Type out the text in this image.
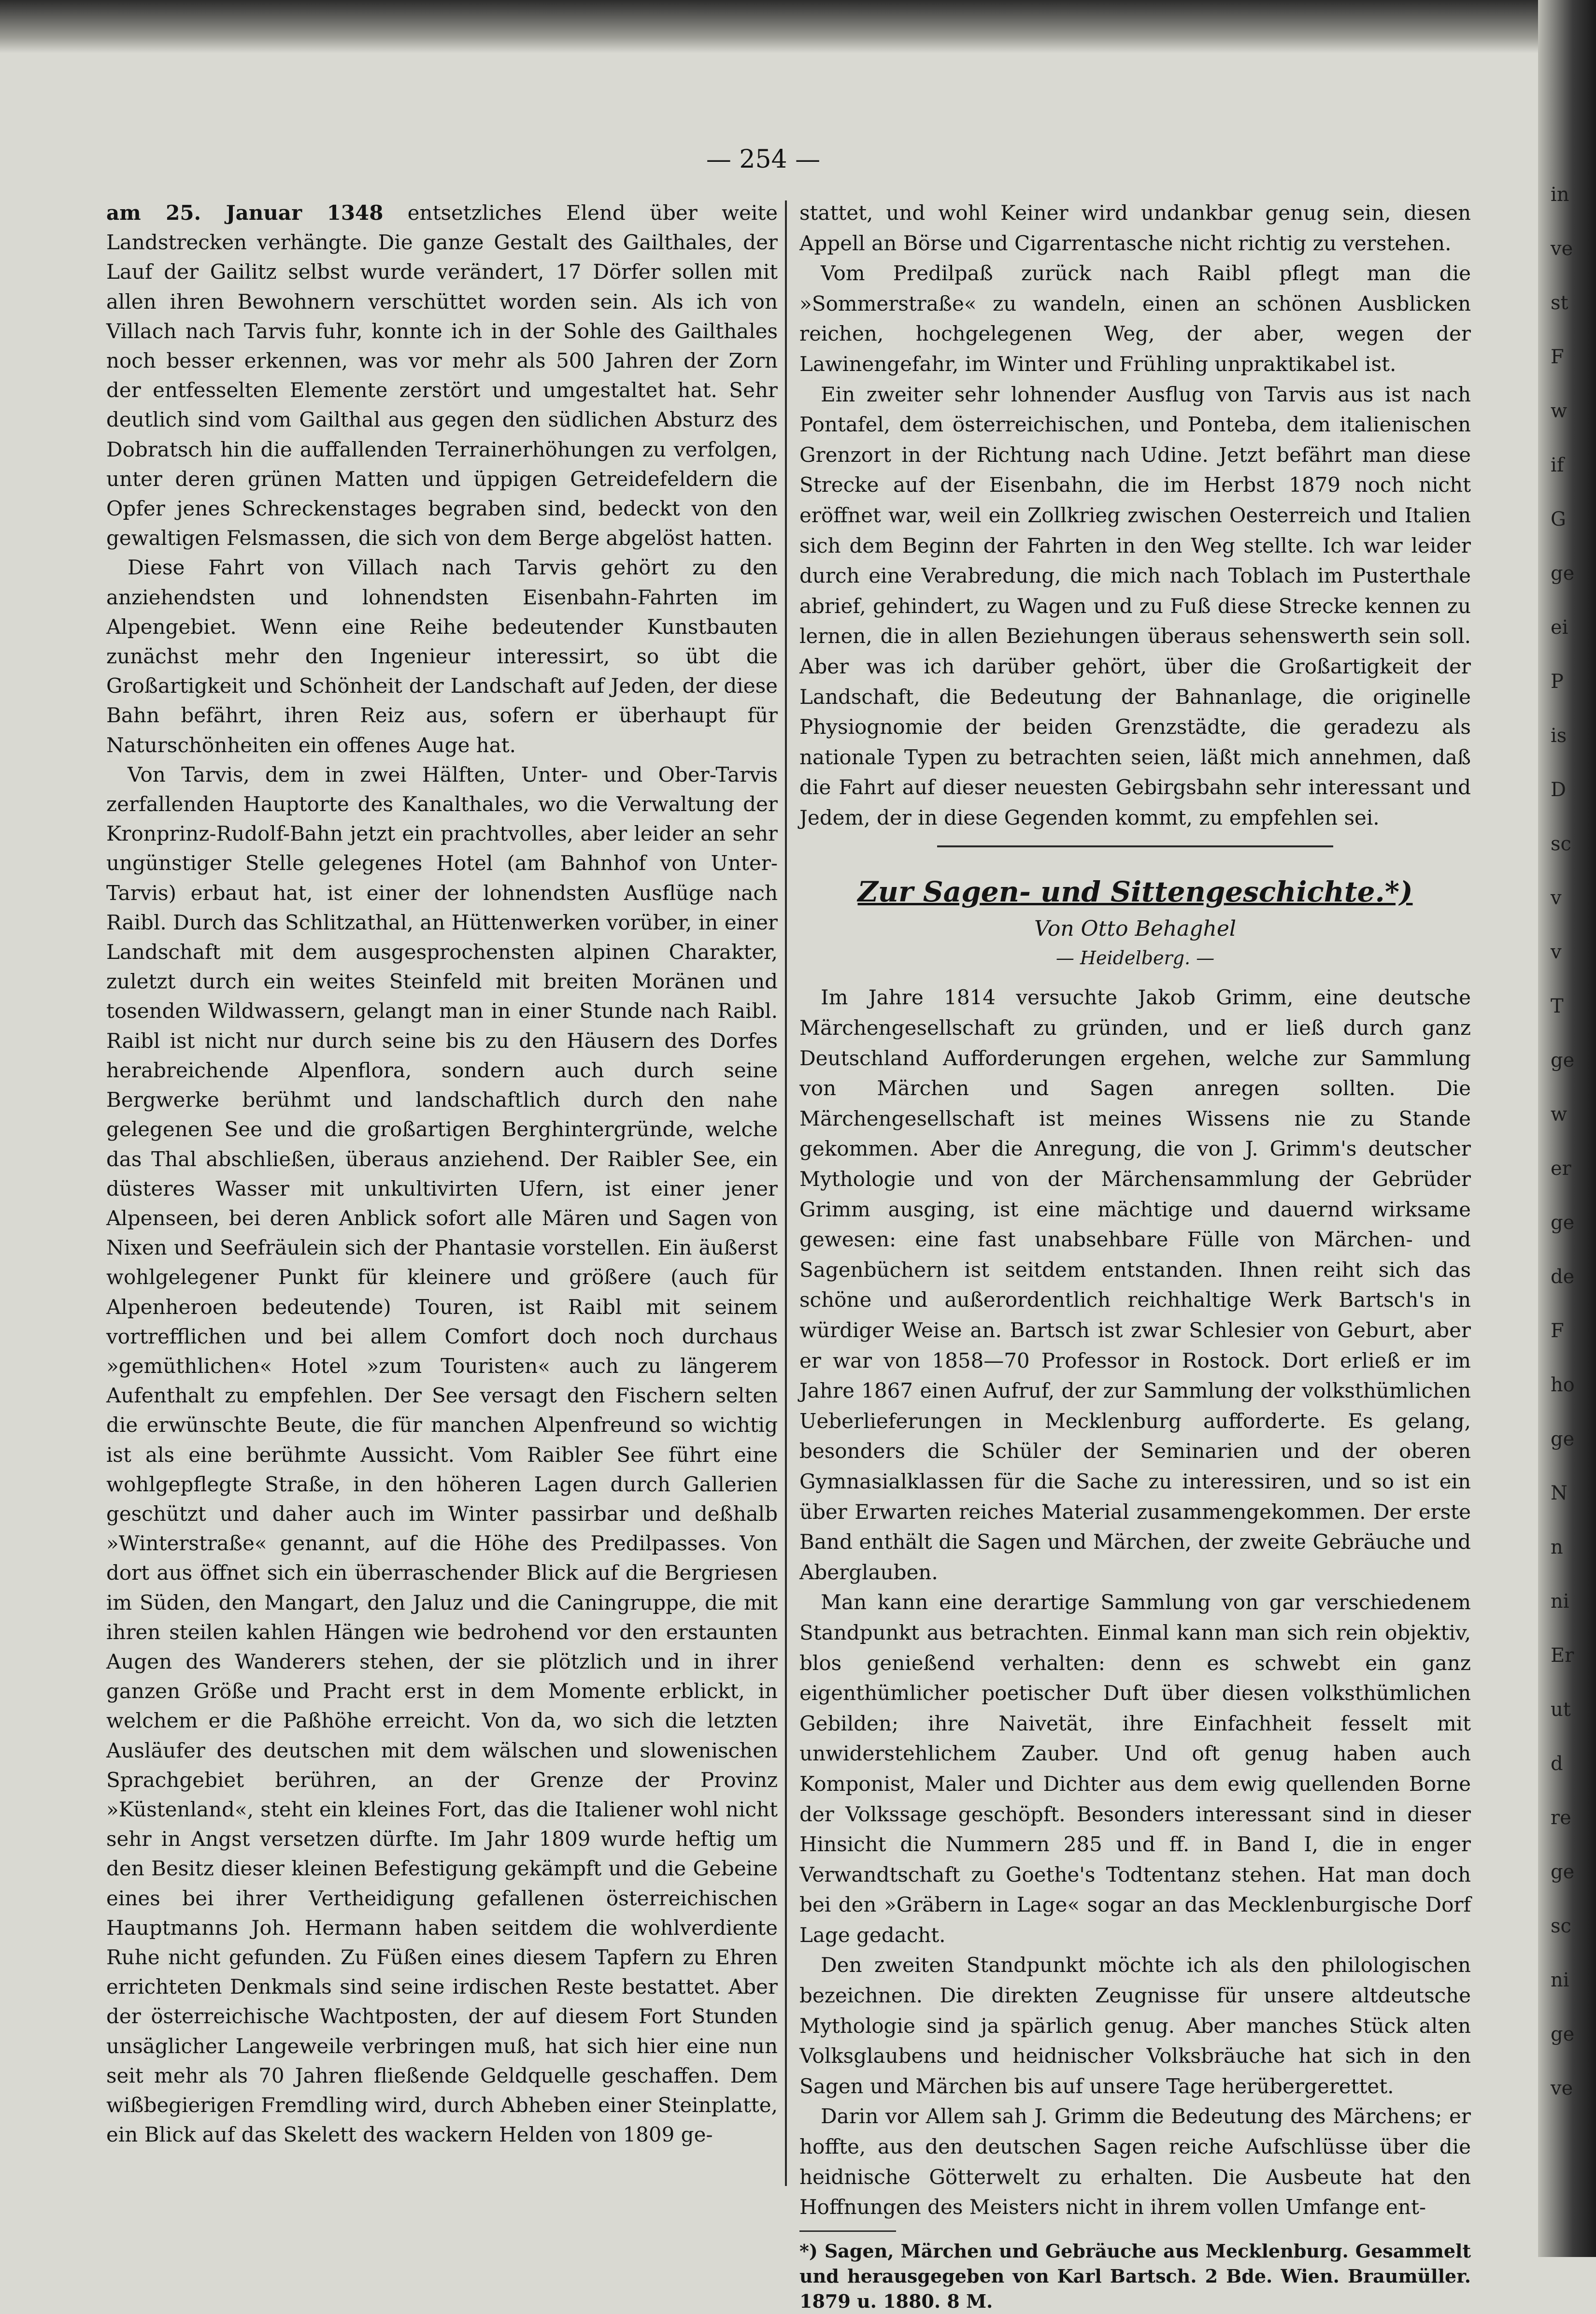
— 254 —

am 25. Januar 1348 entsetzliches Elend über weite Landstrecken verhängte. Die ganze Gestalt des Gailthales, der Lauf der Gailitz selbst wurde verändert, 17 Dörfer sollen mit allen ihren Bewohnern verschüttet worden sein. Als ich von Villach nach Tarvis fuhr, konnte ich in der Sohle des Gailthales noch besser erkennen, was vor mehr als 500 Jahren der Zorn der entfesselten Elemente zerstört und umgestaltet hat. Sehr deutlich sind vom Gailthal aus gegen den südlichen Absturz des Dobratsch hin die auffallenden Terrainerhöhungen zu verfolgen, unter deren grünen Matten und üppigen Getreidefeldern die Opfer jenes Schreckenstages begraben sind, bedeckt von den gewaltigen Felsmassen, die sich von dem Berge abgelöst hatten.

Diese Fahrt von Villach nach Tarvis gehört zu den anziehendsten und lohnendsten Eisenbahn-Fahrten im Alpengebiet. Wenn eine Reihe bedeutender Kunstbauten zunächst mehr den Ingenieur interessirt, so übt die Großartigkeit und Schönheit der Landschaft auf Jeden, der diese Bahn befährt, ihren Reiz aus, sofern er überhaupt für Naturschönheiten ein offenes Auge hat.

Von Tarvis, dem in zwei Hälften, Unter- und Ober-Tarvis zerfallenden Hauptorte des Kanalthales, wo die Verwaltung der Kronprinz-Rudolf-Bahn jetzt ein prachtvolles, aber leider an sehr ungünstiger Stelle gelegenes Hotel (am Bahnhof von Unter-Tarvis) erbaut hat, ist einer der lohnendsten Ausflüge nach Raibl. Durch das Schlitzathal, an Hüttenwerken vorüber, in einer Landschaft mit dem ausgesprochensten alpinen Charakter, zuletzt durch ein weites Steinfeld mit breiten Moränen und tosenden Wildwassern, gelangt man in einer Stunde nach Raibl. Raibl ist nicht nur durch seine bis zu den Häusern des Dorfes herabreichende Alpenflora, sondern auch durch seine Bergwerke berühmt und landschaftlich durch den nahe gelegenen See und die großartigen Berghintergründe, welche das Thal abschließen, überaus anziehend. Der Raibler See, ein düsteres Wasser mit unkultivirten Ufern, ist einer jener Alpenseen, bei deren Anblick sofort alle Mären und Sagen von Nixen und Seefräulein sich der Phantasie vorstellen. Ein äußerst wohlgelegener Punkt für kleinere und größere (auch für Alpenheroen bedeutende) Touren, ist Raibl mit seinem vortrefflichen und bei allem Comfort doch noch durchaus »gemüthlichen« Hotel »zum Touristen« auch zu längerem Aufenthalt zu empfehlen. Der See versagt den Fischern selten die erwünschte Beute, die für manchen Alpenfreund so wichtig ist als eine berühmte Aussicht. Vom Raibler See führt eine wohlgepflegte Straße, in den höheren Lagen durch Gallerien geschützt und daher auch im Winter passirbar und deßhalb »Winterstraße« genannt, auf die Höhe des Predilpasses. Von dort aus öffnet sich ein überraschender Blick auf die Bergriesen im Süden, den Mangart, den Jaluz und die Caningruppe, die mit ihren steilen kahlen Hängen wie bedrohend vor den erstaunten Augen des Wanderers stehen, der sie plötzlich und in ihrer ganzen Größe und Pracht erst in dem Momente erblickt, in welchem er die Paßhöhe erreicht. Von da, wo sich die letzten Ausläufer des deutschen mit dem wälschen und slowenischen Sprachgebiet berühren, an der Grenze der Provinz »Küstenland«, steht ein kleines Fort, das die Italiener wohl nicht sehr in Angst versetzen dürfte. Im Jahr 1809 wurde heftig um den Besitz dieser kleinen Befestigung gekämpft und die Gebeine eines bei ihrer Vertheidigung gefallenen österreichischen Hauptmanns Joh. Hermann haben seitdem die wohlverdiente Ruhe nicht gefunden. Zu Füßen eines diesem Tapfern zu Ehren errichteten Denkmals sind seine irdischen Reste bestattet. Aber der österreichische Wachtposten, der auf diesem Fort Stunden unsäglicher Langeweile verbringen muß, hat sich hier eine nun seit mehr als 70 Jahren fließende Geldquelle geschaffen. Dem wißbegierigen Fremdling wird, durch Abheben einer Steinplatte, ein Blick auf das Skelett des wackern Helden von 1809 ge-

stattet, und wohl Keiner wird undankbar genug sein, diesen Appell an Börse und Cigarrentasche nicht richtig zu verstehen.

Vom Predilpaß zurück nach Raibl pflegt man die »Sommerstraße« zu wandeln, einen an schönen Ausblicken reichen, hochgelegenen Weg, der aber, wegen der Lawinengefahr, im Winter und Frühling unpraktikabel ist.

Ein zweiter sehr lohnender Ausflug von Tarvis aus ist nach Pontafel, dem österreichischen, und Ponteba, dem italienischen Grenzort in der Richtung nach Udine. Jetzt befährt man diese Strecke auf der Eisenbahn, die im Herbst 1879 noch nicht eröffnet war, weil ein Zollkrieg zwischen Oesterreich und Italien sich dem Beginn der Fahrten in den Weg stellte. Ich war leider durch eine Verabredung, die mich nach Toblach im Pusterthale abrief, gehindert, zu Wagen und zu Fuß diese Strecke kennen zu lernen, die in allen Beziehungen überaus sehenswerth sein soll. Aber was ich darüber gehört, über die Großartigkeit der Landschaft, die Bedeutung der Bahnanlage, die originelle Physiognomie der beiden Grenzstädte, die geradezu als nationale Typen zu betrachten seien, läßt mich annehmen, daß die Fahrt auf dieser neuesten Gebirgsbahn sehr interessant und Jedem, der in diese Gegenden kommt, zu empfehlen sei.

Zur Sagen- und Sittengeschichte.*)

Von Otto Behaghel

— Heidelberg. —

Im Jahre 1814 versuchte Jakob Grimm, eine deutsche Märchengesellschaft zu gründen, und er ließ durch ganz Deutschland Aufforderungen ergehen, welche zur Sammlung von Märchen und Sagen anregen sollten. Die Märchengesellschaft ist meines Wissens nie zu Stande gekommen. Aber die Anregung, die von J. Grimm's deutscher Mythologie und von der Märchensammlung der Gebrüder Grimm ausging, ist eine mächtige und dauernd wirksame gewesen: eine fast unabsehbare Fülle von Märchen- und Sagenbüchern ist seitdem entstanden. Ihnen reiht sich das schöne und außerordentlich reichhaltige Werk Bartsch's in würdiger Weise an. Bartsch ist zwar Schlesier von Geburt, aber er war von 1858—70 Professor in Rostock. Dort erließ er im Jahre 1867 einen Aufruf, der zur Sammlung der volksthümlichen Ueberlieferungen in Mecklenburg aufforderte. Es gelang, besonders die Schüler der Seminarien und der oberen Gymnasialklassen für die Sache zu interessiren, und so ist ein über Erwarten reiches Material zusammengekommen. Der erste Band enthält die Sagen und Märchen, der zweite Gebräuche und Aberglauben.

Man kann eine derartige Sammlung von gar verschiedenem Standpunkt aus betrachten. Einmal kann man sich rein objektiv, blos genießend verhalten: denn es schwebt ein ganz eigenthümlicher poetischer Duft über diesen volksthümlichen Gebilden; ihre Naivetät, ihre Einfachheit fesselt mit unwiderstehlichem Zauber. Und oft genug haben auch Komponist, Maler und Dichter aus dem ewig quellenden Borne der Volkssage geschöpft. Besonders interessant sind in dieser Hinsicht die Nummern 285 und ff. in Band I, die in enger Verwandtschaft zu Goethe's Todtentanz stehen. Hat man doch bei den »Gräbern in Lage« sogar an das Mecklenburgische Dorf Lage gedacht.

Den zweiten Standpunkt möchte ich als den philologischen bezeichnen. Die direkten Zeugnisse für unsere altdeutsche Mythologie sind ja spärlich genug. Aber manches Stück alten Volksglaubens und heidnischer Volksbräuche hat sich in den Sagen und Märchen bis auf unsere Tage herübergerettet.

Darin vor Allem sah J. Grimm die Bedeutung des Märchens; er hoffte, aus den deutschen Sagen reiche Aufschlüsse über die heidnische Götterwelt zu erhalten. Die Ausbeute hat den Hoffnungen des Meisters nicht in ihrem vollen Umfange ent-

*) Sagen, Märchen und Gebräuche aus Mecklenburg. Gesammelt und herausgegeben von Karl Bartsch. 2 Bde. Wien. Braumüller. 1879 u. 1880. 8 M.

in
ve
st
F
w
if
G
ge
ei
P
is
D
sc
v
v
T
ge
w
er
ge
de
F
ho
ge
N
n
ni
Er
ut
d
re
ge
sc
ni
ge
ve
